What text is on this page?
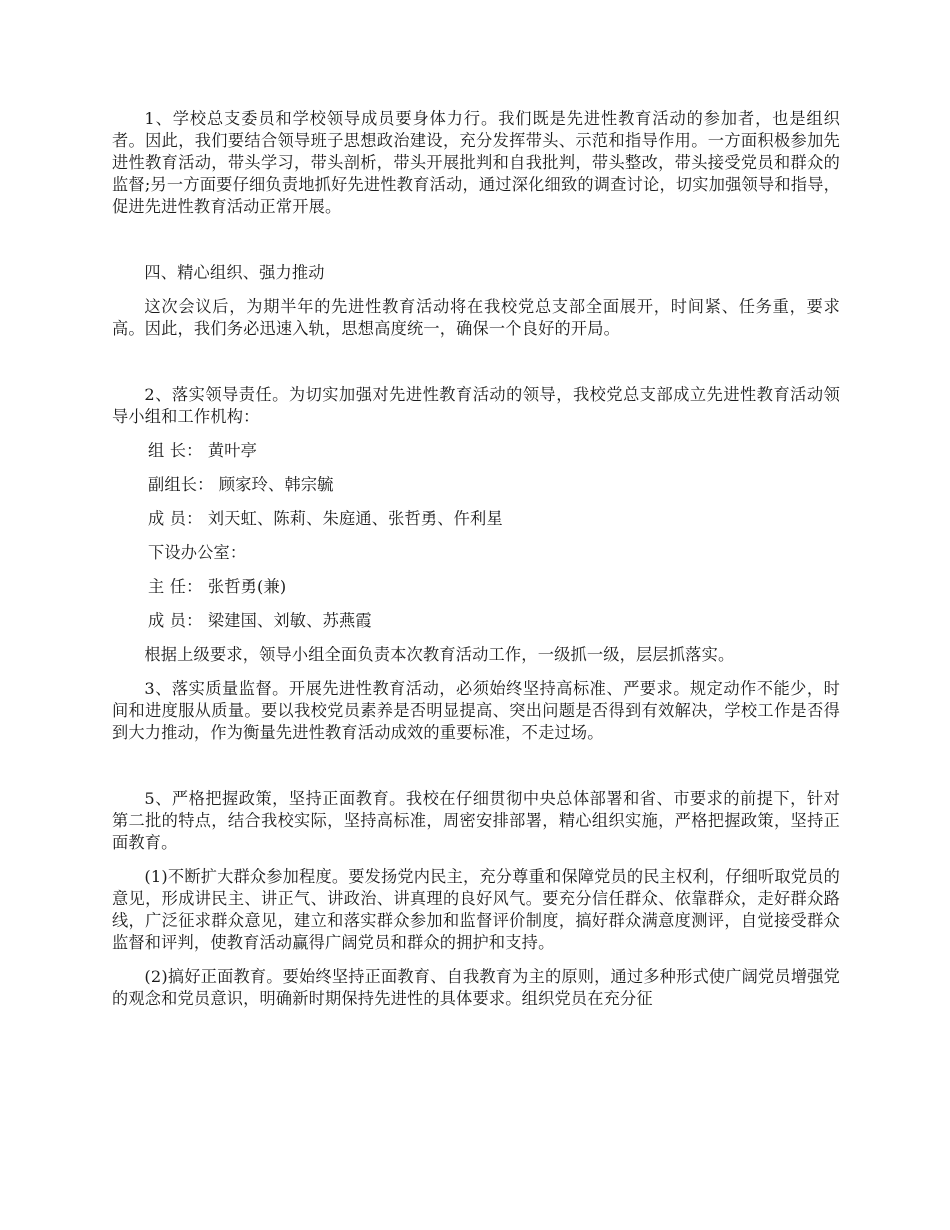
1、学校总支委员和学校领导成员要身体力行。我们既是先进性教育活动的参加者，也是组织者。因此，我们要结合领导班子思想政治建设，充分发挥带头、示范和指导作用。一方面积极参加先进性教育活动，带头学习，带头剖析，带头开展批判和自我批判，带头整改，带头接受党员和群众的监督;另一方面要仔细负责地抓好先进性教育活动，通过深化细致的调查讨论，切实加强领导和指导，促进先进性教育活动正常开展。

四、精心组织、强力推动

这次会议后，为期半年的先进性教育活动将在我校党总支部全面展开，时间紧、任务重，要求高。因此，我们务必迅速入轨，思想高度统一，确保一个良好的开局。

2、落实领导责任。为切实加强对先进性教育活动的领导，我校党总支部成立先进性教育活动领导小组和工作机构：

组 长： 黄叶亭

副组长： 顾家玲、韩宗毓

成 员： 刘天虹、陈莉、朱庭通、张哲勇、仵利星

下设办公室：

主 任： 张哲勇(兼)

成 员： 梁建国、刘敏、苏燕霞

根据上级要求，领导小组全面负责本次教育活动工作，一级抓一级，层层抓落实。

3、落实质量监督。开展先进性教育活动，必须始终坚持高标准、严要求。规定动作不能少，时间和进度服从质量。要以我校党员素养是否明显提高、突出问题是否得到有效解决，学校工作是否得到大力推动，作为衡量先进性教育活动成效的重要标准，不走过场。

5、严格把握政策，坚持正面教育。我校在仔细贯彻中央总体部署和省、市要求的前提下，针对第二批的特点，结合我校实际，坚持高标准，周密安排部署，精心组织实施，严格把握政策，坚持正面教育。

(1)不断扩大群众参加程度。要发扬党内民主，充分尊重和保障党员的民主权利，仔细听取党员的意见，形成讲民主、讲正气、讲政治、讲真理的良好风气。要充分信任群众、依靠群众，走好群众路线，广泛征求群众意见，建立和落实群众参加和监督评价制度，搞好群众满意度测评，自觉接受群众监督和评判，使教育活动赢得广阔党员和群众的拥护和支持。

(2)搞好正面教育。要始终坚持正面教育、自我教育为主的原则，通过多种形式使广阔党员增强党的观念和党员意识，明确新时期保持先进性的具体要求。组织党员在充分征
